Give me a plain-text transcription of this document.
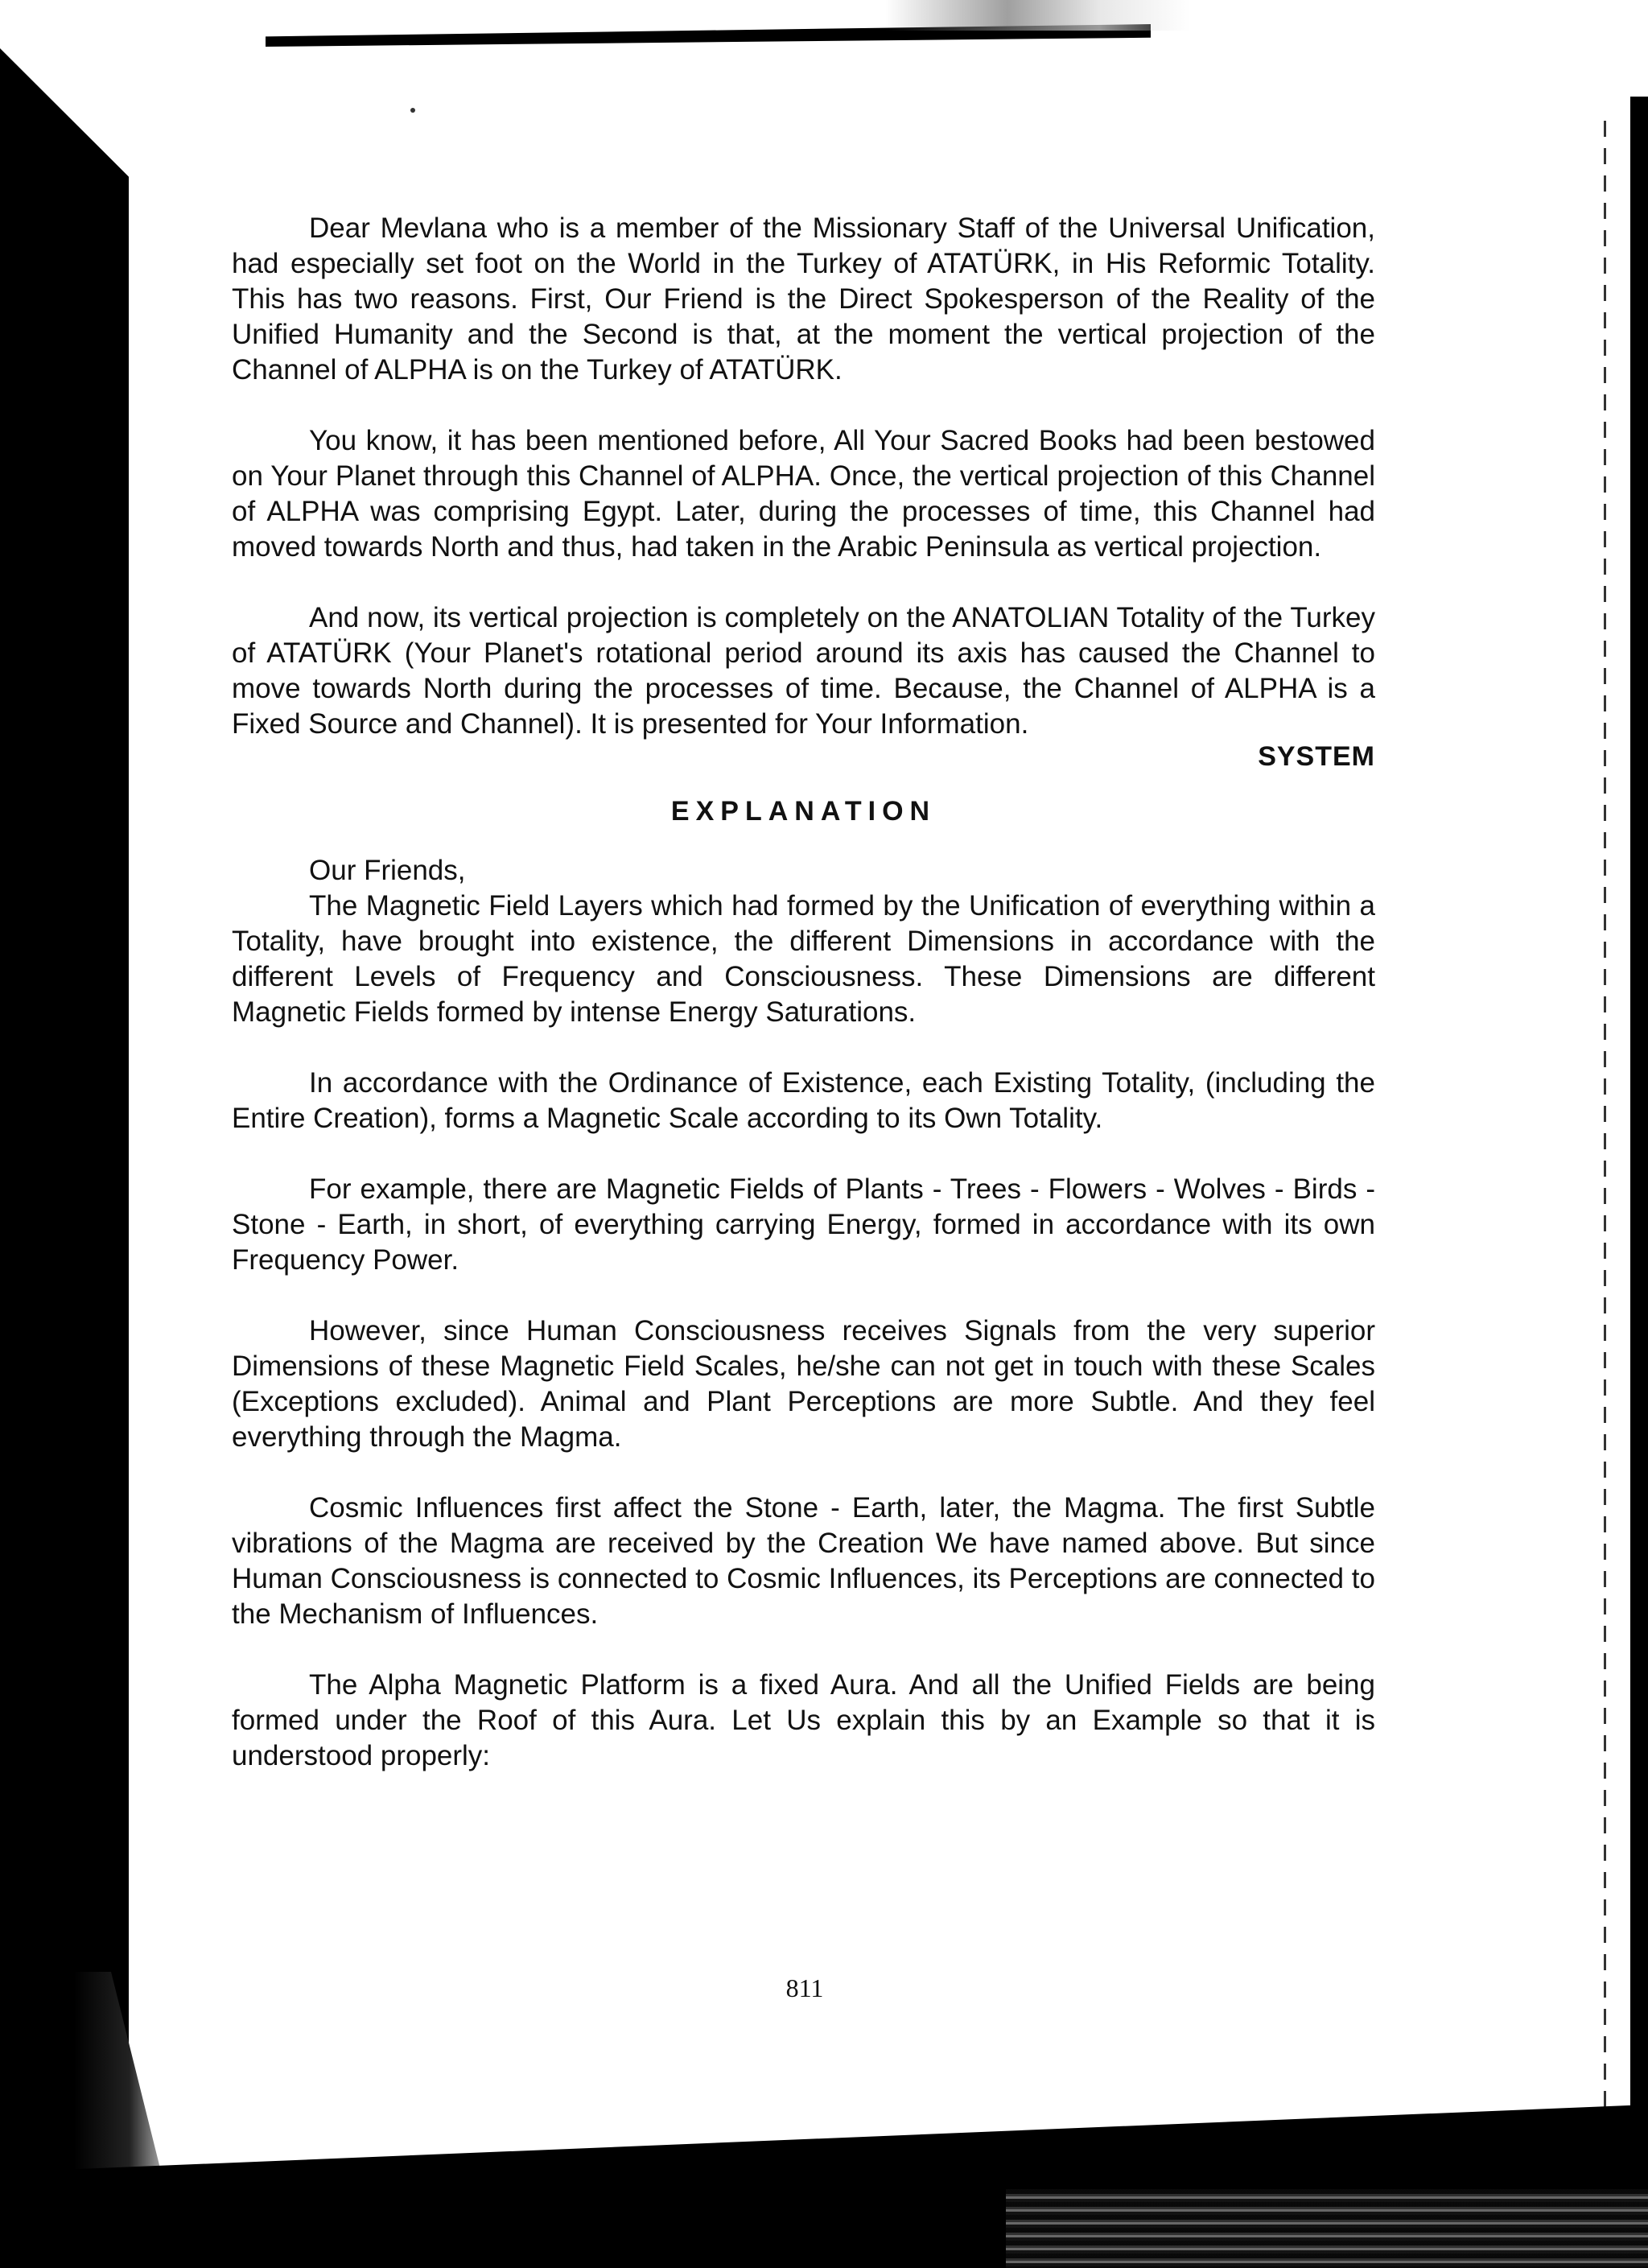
Dear Mevlana who is a member of the Missionary Staff of the Universal Unification, had especially set foot on the World in the Turkey of ATATÜRK, in His Reformic Totality. This has two reasons. First, Our Friend is the Direct Spokesperson of the Reality of the Unified Humanity and the Second is that, at the moment the vertical projection of the Channel of ALPHA is on the Turkey of ATATÜRK.

You know, it has been mentioned before, All Your Sacred Books had been bestowed on Your Planet through this Channel of ALPHA. Once, the vertical projection of this Channel of ALPHA was comprising Egypt. Later, during the processes of time, this Channel had moved towards North and thus, had taken in the Arabic Peninsula as vertical projection.

And now, its vertical projection is completely on the ANATOLIAN Totality of the Turkey of ATATÜRK (Your Planet's rotational period around its axis has caused the Channel to move towards North during the processes of time. Because, the Channel of ALPHA is a Fixed Source and Channel). It is presented for Your Information.

SYSTEM
EXPLANATION

Our Friends,

The Magnetic Field Layers which had formed by the Unification of everything within a Totality, have brought into existence, the different Dimensions in accordance with the different Levels of Frequency and Consciousness. These Dimensions are different Magnetic Fields formed by intense Energy Saturations.

In accordance with the Ordinance of Existence, each Existing Totality, (including the Entire Creation), forms a Magnetic Scale according to its Own Totality.

For example, there are Magnetic Fields of Plants - Trees - Flowers - Wolves - Birds - Stone - Earth, in short, of everything carrying Energy, formed in accordance with its own Frequency Power.

However, since Human Consciousness receives Signals from the very superior Dimensions of these Magnetic Field Scales, he/she can not get in touch with these Scales (Exceptions excluded). Animal and Plant Perceptions are more Subtle. And they feel everything through the Magma.

Cosmic Influences first affect the Stone - Earth, later, the Magma. The first Subtle vibrations of the Magma are received by the Creation We have named above. But since Human Consciousness is connected to Cosmic Influences, its Perceptions are connected to the Mechanism of Influences.

The Alpha Magnetic Platform is a fixed Aura. And all the Unified Fields are being formed under the Roof of this Aura. Let Us explain this by an Example so that it is understood properly:

811
